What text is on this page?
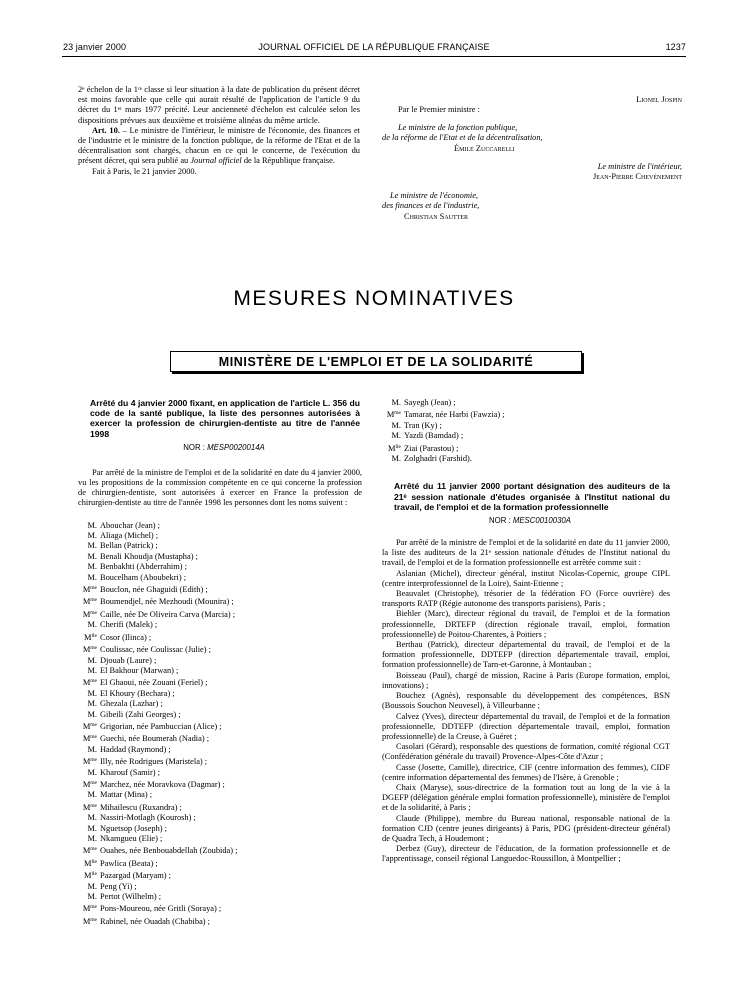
23 janvier 2000	JOURNAL OFFICIEL DE LA RÉPUBLIQUE FRANÇAISE	1237

2ᵉ échelon de la 1ʳᵉ classe si leur situation à la date de publication du présent décret est moins favorable que celle qui aurait résulté de l'application de l'article 9 du décret du 1ᵉʳ mars 1977 précité. Leur ancienneté d'échelon est calculée selon les dispositions prévues aux deuxième et troisième alinéas du même article.

Art. 10. – Le ministre de l'intérieur, le ministre de l'économie, des finances et de l'industrie et le ministre de la fonction publique, de la réforme de l'Etat et de la décentralisation sont chargés, chacun en ce qui le concerne, de l'exécution du présent décret, qui sera publié au Journal officiel de la République française.

Fait à Paris, le 21 janvier 2000.

Lionel Jospin

Par le Premier ministre :

Le ministre de la fonction publique,

de la réforme de l'Etat et de la décentralisation,

Émile Zuccarelli

Le ministre de l'intérieur,

Jean-Pierre Chevènement

Le ministre de l'économie,

des finances et de l'industrie,

Christian Sautter

MESURES NOMINATIVES
MINISTÈRE DE L'EMPLOI ET DE LA SOLIDARITÉ
Arrêté du 4 janvier 2000 fixant, en application de l'article L. 356 du code de la santé publique, la liste des personnes autorisées à exercer la profession de chirurgien-dentiste au titre de l'année 1998
NOR : MESP0020014A
Par arrêté de la ministre de l'emploi et de la solidarité en date du 4 janvier 2000, vu les propositions de la commission compétente en ce qui concerne la profession de chirurgien-dentiste, sont autorisées à exercer en France la profession de chirurgien-dentiste au titre de l'année 1998 les personnes dont les noms suivent :
M. Abouchar (Jean) ;
M. Aliaga (Michel) ;
M. Bellan (Patrick) ;
M. Benali Khoudja (Mustapha) ;
M. Benbakhti (Abderrahim) ;
M. Boucelham (Aboubekri) ;
$M^{me}$ Bouclon, née Ghaguidi (Edith) ;
$M^{me}$ Boumendjel, née Mezhoudi (Mounira) ;
$M^{me}$ Caille, née De Oliveira Carva (Marcia) ;
M. Cherifi (Malek) ;
$M^{lle}$ Cosor (Ilinca) ;
$M^{me}$ Coulissac, née Coulissac (Julie) ;
M. Djouab (Laure) ;
M. El Bakhour (Marwan) ;
$M^{me}$ El Ghaoui, née Zouani (Feriel) ;
M. El Khoury (Bechara) ;
M. Ghezala (Lazhar) ;
M. Gibeili (Zahi Georges) ;
$M^{me}$ Grigorian, née Pambuccian (Alice) ;
$M^{me}$ Guechi, née Boumerah (Nadia) ;
M. Haddad (Raymond) ;
$M^{me}$ Illy, née Rodrigues (Maristela) ;
M. Kharouf (Samir) ;
$M^{me}$ Marchez, née Moravkova (Dagmar) ;
M. Mattar (Mina) ;
$M^{me}$ Mihailescu (Ruxandra) ;
M. Nassiri-Motlagh (Kourosh) ;
M. Nguetsop (Joseph) ;
M. Nkamgueu (Elie) ;
$M^{me}$ Ouahes, née Benbouabdellah (Zoubida) ;
$M^{lle}$ Pawlica (Beata) ;
$M^{lle}$ Pazargad (Maryam) ;
M. Peng (Yi) ;
M. Pertot (Wilhelm) ;
$M^{me}$ Pons-Moureou, née Gritli (Soraya) ;
$M^{me}$ Rabinel, née Ouadah (Chabiba) ;
M. Sayegh (Jean) ;
$M^{me}$ Tamarat, née Harbi (Fawzia) ;
M. Tran (Ky) ;
M. Yazdi (Bamdad) ;
$M^{lle}$ Ziai (Parastou) ;
M. Zolghadri (Farshid).
Arrêté du 11 janvier 2000 portant désignation des auditeurs de la 21ᵉ session nationale d'études organisée à l'Institut national du travail, de l'emploi et de la formation professionnelle
NOR : MESC0010030A
Par arrêté de la ministre de l'emploi et de la solidarité en date du 11 janvier 2000, la liste des auditeurs de la 21ᵉ session nationale d'études de l'Institut national du travail, de l'emploi et de la formation professionnelle est arrêtée comme suit :

Aslanian (Michel), directeur général, institut Nicolas-Copernic, groupe CIPL (centre interprofessionnel de la Loire), Saint-Etienne ;

Beauvalet (Christophe), trésorier de la fédération FO (Force ouvrière) des transports RATP (Régie autonome des transports parisiens), Paris ;

Biehler (Marc), directeur régional du travail, de l'emploi et de la formation professionnelle, DRTEFP (direction régionale travail, emploi, formation professionnelle) de Poitou-Charentes, à Poitiers ;

Berthau (Patrick), directeur départemental du travail, de l'emploi et de la formation professionnelle, DDTEFP (direction départementale travail, emploi, formation professionnelle) de Tarn-et-Garonne, à Montauban ;

Boisseau (Paul), chargé de mission, Racine à Paris (Europe formation, emploi, innovations) ;

Bouchez (Agnès), responsable du développement des compétences, BSN (Boussois Souchon Neuvesel), à Villeurbanne ;

Calvez (Yves), directeur départemental du travail, de l'emploi et de la formation professionnelle, DDTEFP (direction départementale travail, emploi, formation professionnelle) de la Creuse, à Guéret ;

Casolari (Gérard), responsable des questions de formation, comité régional CGT (Confédération générale du travail) Provence-Alpes-Côte d'Azur ;

Casse (Josette, Camille), directrice, CIF (centre information des femmes), CIDF (centre information départemental des femmes) de l'Isère, à Grenoble ;

Chaix (Maryse), sous-directrice de la formation tout au long de la vie à la DGEFP (délégation générale emploi formation professionnelle), ministère de l'emploi et de la solidarité, à Paris ;

Claude (Philippe), membre du Bureau national, responsable national de la formation CJD (centre jeunes dirigeants) à Paris, PDG (président-directeur général) de Quadra Tech, à Houdemont ;

Derbez (Guy), directeur de l'éducation, de la formation professionnelle et de l'apprentissage, conseil régional Languedoc-Roussillon, à Montpellier ;
